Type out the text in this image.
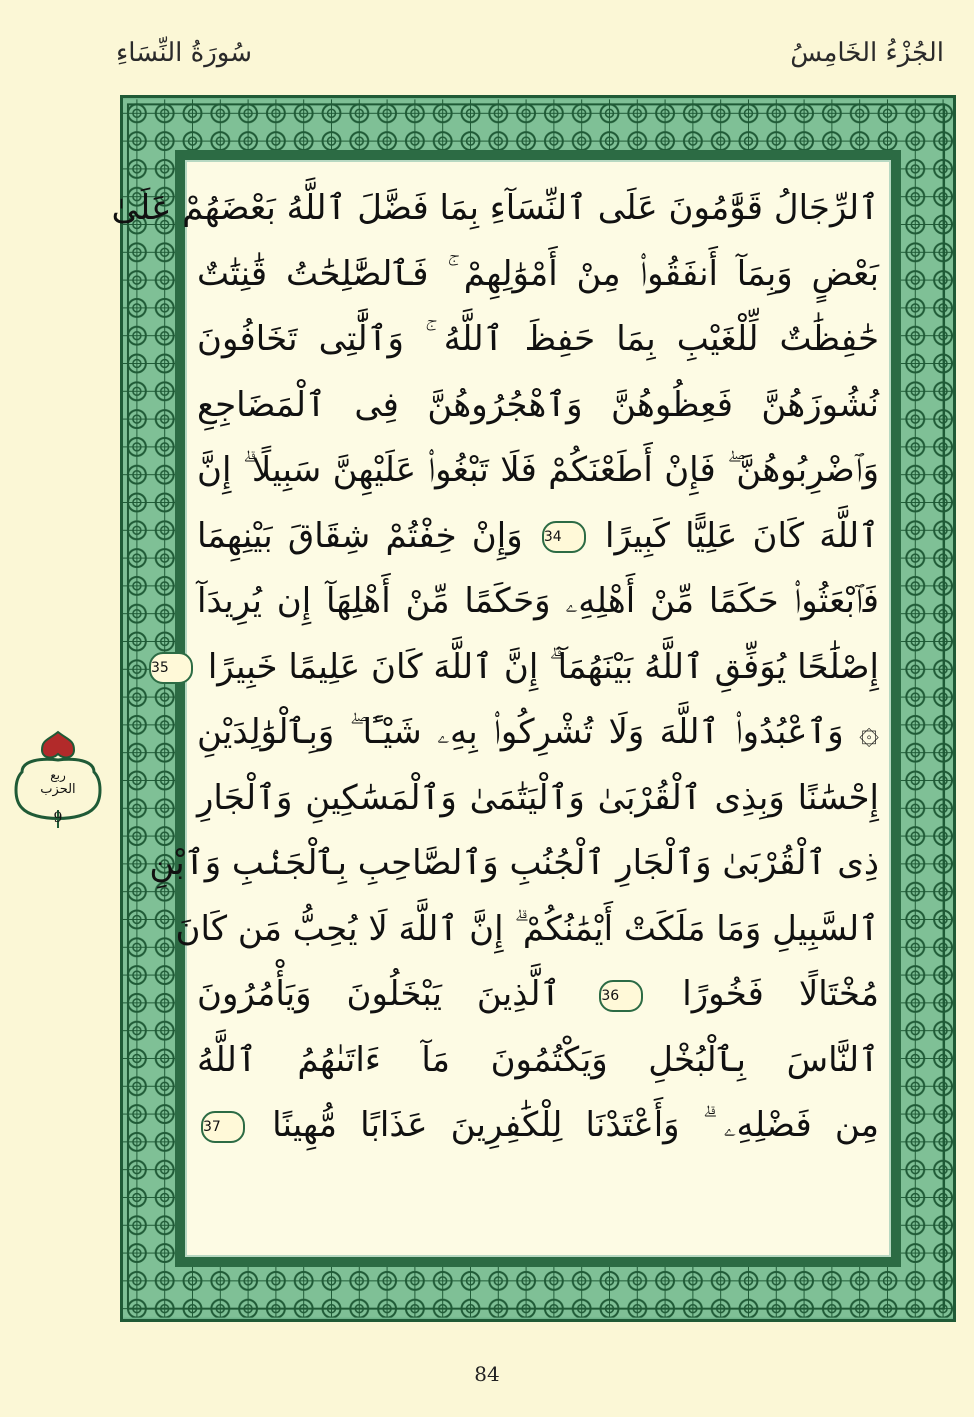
سُورَةُ النِّسَاءِ	الجُزْءُ الخَامِسُ
ٱلرِّجَالُ قَوَّٰمُونَ عَلَى ٱلنِّسَآءِ بِمَا فَضَّلَ ٱللَّهُ بَعْضَهُمْ عَلَىٰ
بَعْضٍ وَبِمَآ أَنفَقُوا۟ مِنْ أَمْوَٰلِهِمْ ۚ فَٱلصَّٰلِحَٰتُ قَٰنِتَٰتٌ
حَٰفِظَٰتٌ لِّلْغَيْبِ بِمَا حَفِظَ ٱللَّهُ ۚ وَٱلَّٰتِى تَخَافُونَ
نُشُوزَهُنَّ فَعِظُوهُنَّ وَٱهْجُرُوهُنَّ فِى ٱلْمَضَاجِعِ
وَٱضْرِبُوهُنَّ ۖ فَإِنْ أَطَعْنَكُمْ فَلَا تَبْغُوا۟ عَلَيْهِنَّ سَبِيلًا ۗ إِنَّ
ٱللَّهَ كَانَ عَلِيًّا كَبِيرًا 34 وَإِنْ خِفْتُمْ شِقَاقَ بَيْنِهِمَا
فَٱبْعَثُوا۟ حَكَمًا مِّنْ أَهْلِهِۦ وَحَكَمًا مِّنْ أَهْلِهَآ إِن يُرِيدَآ
إِصْلَٰحًا يُوَفِّقِ ٱللَّهُ بَيْنَهُمَآ ۗ إِنَّ ٱللَّهَ كَانَ عَلِيمًا خَبِيرًا 35
۞ وَٱعْبُدُوا۟ ٱللَّهَ وَلَا تُشْرِكُوا۟ بِهِۦ شَيْـًٔا ۖ وَبِٱلْوَٰلِدَيْنِ
إِحْسَٰنًا وَبِذِى ٱلْقُرْبَىٰ وَٱلْيَتَٰمَىٰ وَٱلْمَسَٰكِينِ وَٱلْجَارِ
ذِى ٱلْقُرْبَىٰ وَٱلْجَارِ ٱلْجُنُبِ وَٱلصَّاحِبِ بِٱلْجَنۢبِ وَٱبْنِ
ٱلسَّبِيلِ وَمَا مَلَكَتْ أَيْمَٰنُكُمْ ۗ إِنَّ ٱللَّهَ لَا يُحِبُّ مَن كَانَ
مُخْتَالًا فَخُورًا 36 ٱلَّذِينَ يَبْخَلُونَ وَيَأْمُرُونَ
ٱلنَّاسَ بِٱلْبُخْلِ وَيَكْتُمُونَ مَآ ءَاتَىٰهُمُ ٱللَّهُ
مِن فَضْلِهِۦ ۗ وَأَعْتَدْنَا لِلْكَٰفِرِينَ عَذَابًا مُّهِينًا 37
ربع
الحزب
9
84
